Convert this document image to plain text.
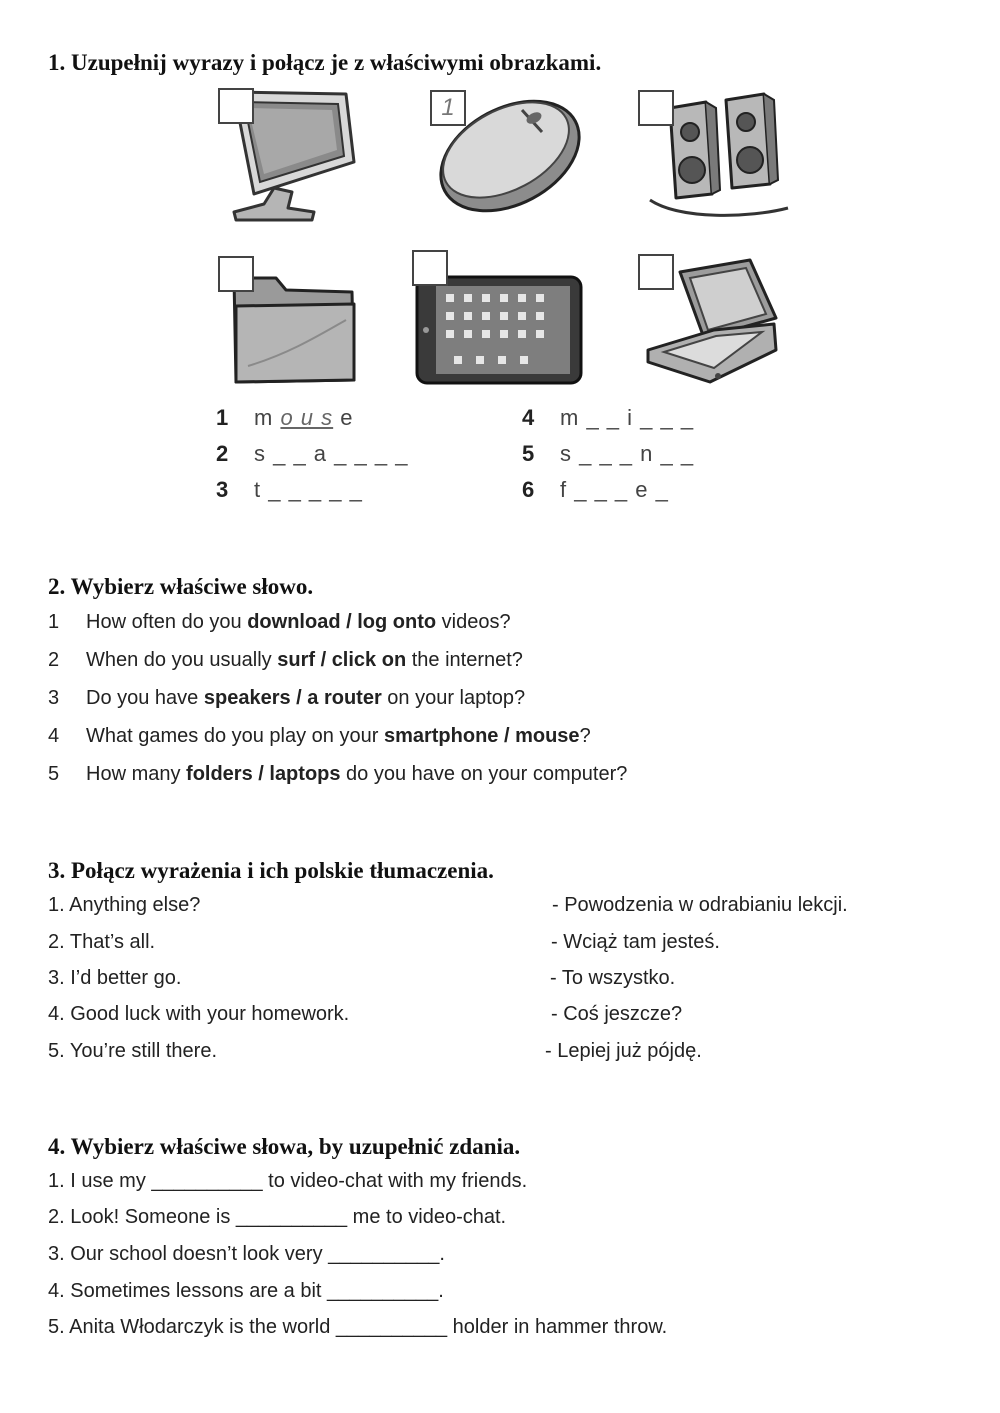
1. Uzupełnij wyrazy i połącz je z właściwymi obrazkami.
1
1 m o u s e
2 s _ _ a _ _ _ _
3 t _ _ _ _ _
4 m _ _ i _ _ _
5 s _ _ _ n _ _
6 f _ _ _ e _
2. Wybierz właściwe słowo.
1 How often do you download / log onto videos?
2 When do you usually surf / click on the internet?
3 Do you have speakers / a router on your laptop?
4 What games do you play on your smartphone / mouse?
5 How many folders / laptops do you have on your computer?
3. Połącz wyrażenia i ich polskie tłumaczenia.
1. Anything else?
2. That’s all.
3. I’d better go.
4. Good luck with your homework.
5. You’re still there.
- Powodzenia w odrabianiu lekcji.
- Wciąż tam jesteś.
- To wszystko.
- Coś jeszcze?
- Lepiej już pójdę.
4. Wybierz właściwe słowa, by uzupełnić zdania.
1. I use my __________ to video-chat with my friends.
2. Look! Someone is __________ me to video-chat.
3. Our school doesn’t look very __________.
4. Sometimes lessons are a bit __________.
5. Anita Włodarczyk is the world __________ holder in hammer throw.
